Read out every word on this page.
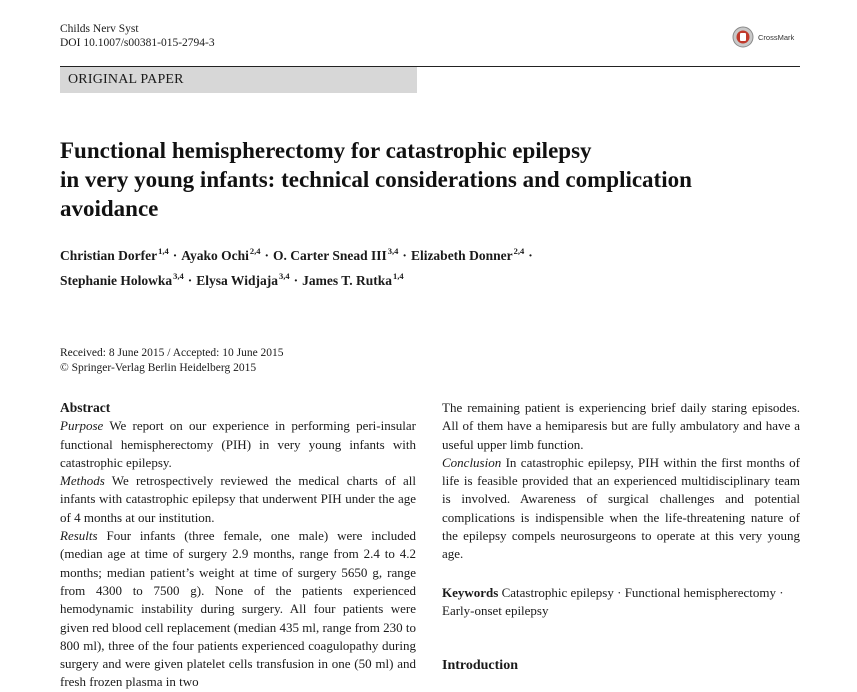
Childs Nerv Syst
DOI 10.1007/s00381-015-2794-3	CrossMark
ORIGINAL PAPER
Functional hemispherectomy for catastrophic epilepsy
in very young infants: technical considerations and complication
avoidance
Christian Dorfer$^{1,4}$ · Ayako Ochi$^{2,4}$ · O. Carter Snead III$^{3,4}$ · Elizabeth Donner$^{2,4}$ ·
Stephanie Holowka$^{3,4}$ · Elysa Widjaja$^{3,4}$ · James T. Rutka$^{1,4}$
Received: 8 June 2015 / Accepted: 10 June 2015
© Springer-Verlag Berlin Heidelberg 2015

Abstract

Purpose We report on our experience in performing peri-insular functional hemispherectomy (PIH) in very young infants with catastrophic epilepsy.

Methods We retrospectively reviewed the medical charts of all infants with catastrophic epilepsy that underwent PIH under the age of 4 months at our institution.

Results Four infants (three female, one male) were included (median age at time of surgery 2.9 months, range from 2.4 to 4.2 months; median patient’s weight at time of surgery 5650 g, range from 4300 to 7500 g). None of the patients experienced hemodynamic instability during surgery. All four patients were given red blood cell replacement (median 435 ml, range from 230 to 800 ml), three of the four patients experienced coagulopathy during surgery and were given platelet cells transfusion in one (50 ml) and fresh frozen plasma in two

The remaining patient is experiencing brief daily staring episodes. All of them have a hemiparesis but are fully ambulatory and have a useful upper limb function.

Conclusion In catastrophic epilepsy, PIH within the first months of life is feasible provided that an experienced multidisciplinary team is involved. Awareness of surgical challenges and potential complications is indispensible when the life-threatening nature of the epilepsy compels neurosurgeons to operate at this very young age.

Keywords Catastrophic epilepsy · Functional hemispherectomy · Early-onset epilepsy
Introduction
